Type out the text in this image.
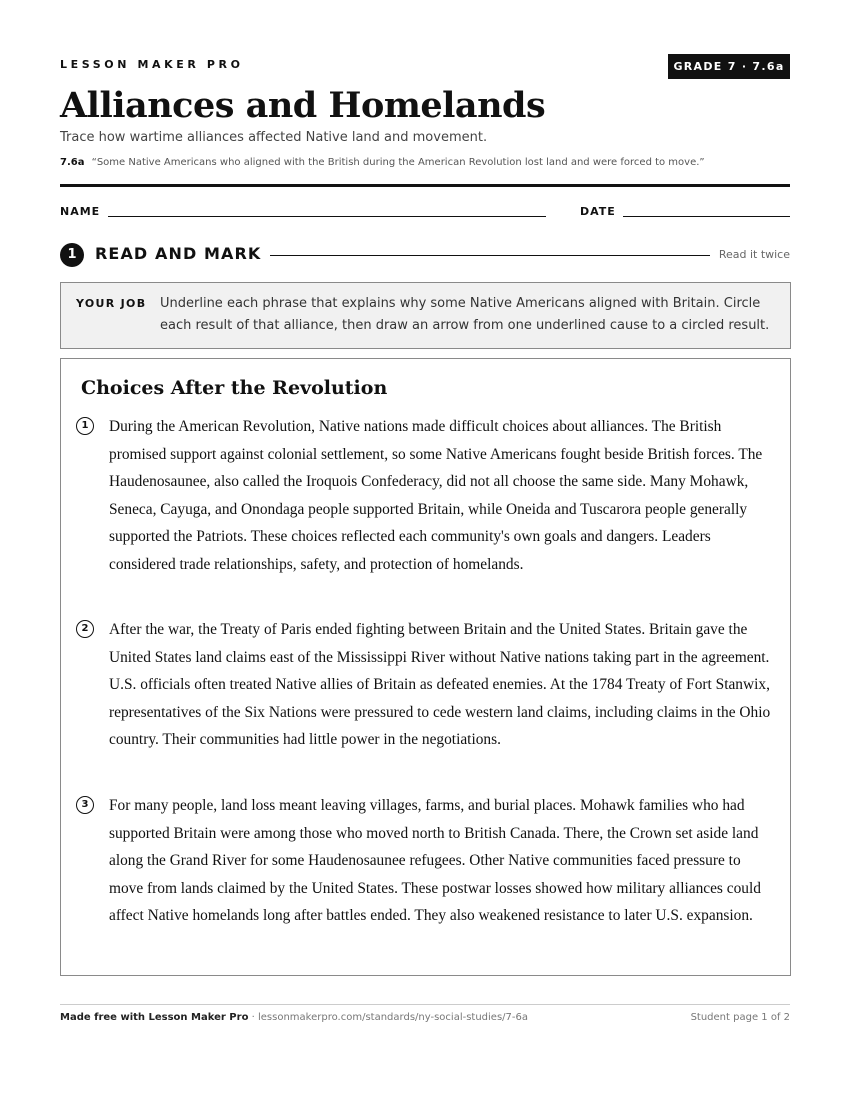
LESSON MAKER PRO	GRADE 7 · 7.6a
Alliances and Homelands
Trace how wartime alliances affected Native land and movement.
7.6a “Some Native Americans who aligned with the British during the American Revolution lost land and were forced to move.”
NAME	DATE
1	READ AND MARK	Read it twice
YOUR JOB Underline each phrase that explains why some Native Americans aligned with Britain. Circle each result of that alliance, then draw an arrow from one underlined cause to a circled result.
Choices After the Revolution
1	During the American Revolution, Native nations made difficult choices about alliances. The British promised support against colonial settlement, so some Native Americans fought beside British forces. The Haudenosaunee, also called the Iroquois Confederacy, did not all choose the same side. Many Mohawk, Seneca, Cayuga, and Onondaga people supported Britain, while Oneida and Tuscarora people generally supported the Patriots. These choices reflected each community's own goals and dangers. Leaders considered trade relationships, safety, and protection of homelands.

2	After the war, the Treaty of Paris ended fighting between Britain and the United States. Britain gave the United States land claims east of the Mississippi River without Native nations taking part in the agreement. U.S. officials often treated Native allies of Britain as defeated enemies. At the 1784 Treaty of Fort Stanwix, representatives of the Six Nations were pressured to cede western land claims, including claims in the Ohio country. Their communities had little power in the negotiations.

3	For many people, land loss meant leaving villages, farms, and burial places. Mohawk families who had supported Britain were among those who moved north to British Canada. There, the Crown set aside land along the Grand River for some Haudenosaunee refugees. Other Native communities faced pressure to move from lands claimed by the United States. These postwar losses showed how military alliances could affect Native homelands long after battles ended. They also weakened resistance to later U.S. expansion.

Made free with Lesson Maker Pro · lessonmakerpro.com/standards/ny-social-studies/7-6a	Student page 1 of 2
